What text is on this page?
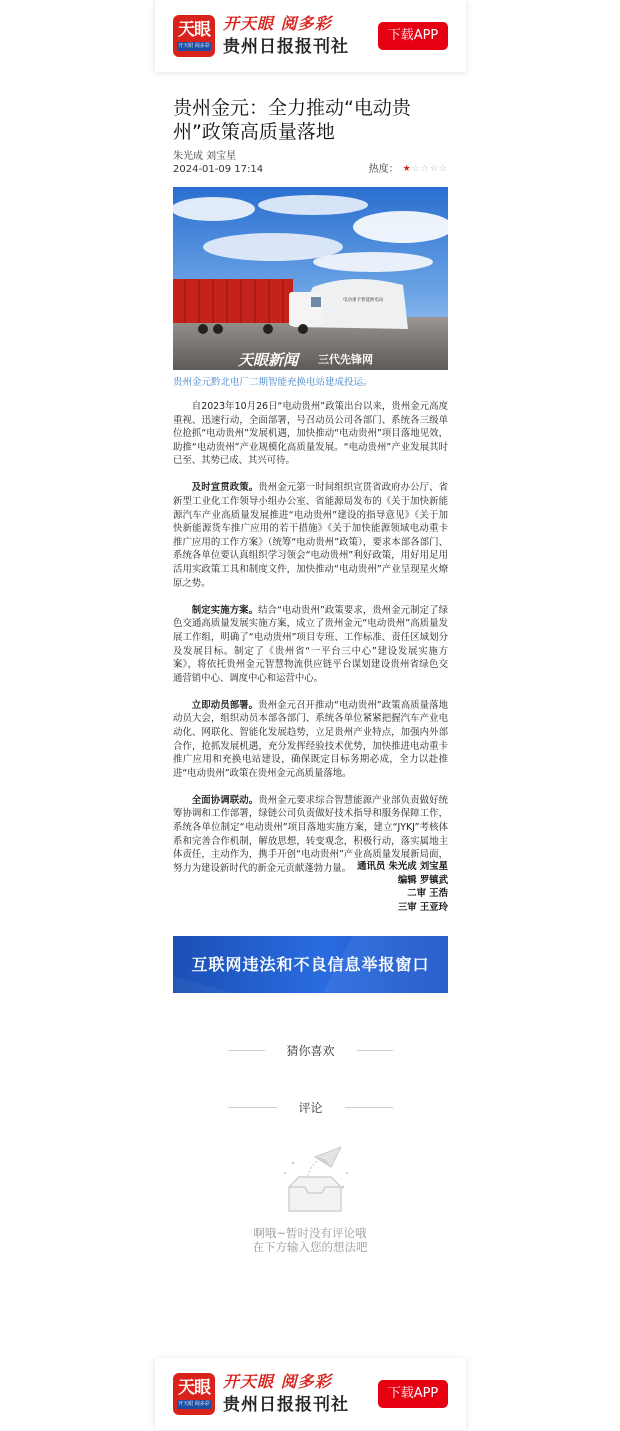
天眼
开天眼 阅多彩
开天眼 阅多彩
贵州日报报刊社
下载APP
贵州金元：全力推动“电动贵州”政策高质量落地
朱光成 刘宝星
2024-01-09 17:14	热度： ★☆☆☆☆
电动重卡智能换电站
天眼新闻 三代先锋网
贵州金元黔北电厂二期智能充换电站建成投运。

自2023年10月26日“电动贵州”政策出台以来，贵州金元高度重视、迅速行动，全面部署，号召动员公司各部门、系统各三级单位抢抓“电动贵州”发展机遇，加快推动“电动贵州”项目落地见效，助推“电动贵州”产业规模化高质量发展。“电动贵州”产业发展其时已至、其势已成、其兴可待。

及时宣贯政策。贵州金元第一时间组织宣贯省政府办公厅、省新型工业化工作领导小组办公室、省能源局发布的《关于加快新能源汽车产业高质量发展推进“电动贵州”建设的指导意见》《关于加快新能源货车推广应用的若干措施》《关于加快能源领域电动重卡推广应用的工作方案》（统筹“电动贵州”政策），要求本部各部门、系统各单位要认真组织学习领会“电动贵州”利好政策，用好用足用活用实政策工具和制度文件，加快推动“电动贵州”产业呈现星火燎原之势。

制定实施方案。结合“电动贵州”政策要求，贵州金元制定了绿色交通高质量发展实施方案，成立了贵州金元“电动贵州”高质量发展工作组，明确了“电动贵州”项目专班、工作标准、责任区域划分及发展目标。制定了《贵州省“一平台三中心”建设发展实施方案》，将依托贵州金元智慧物流供应链平台谋划建设贵州省绿色交通营销中心、调度中心和运营中心。

立即动员部署。贵州金元召开推动“电动贵州”政策高质量落地动员大会，组织动员本部各部门、系统各单位紧紧把握汽车产业电动化、网联化、智能化发展趋势，立足贵州产业特点，加强内外部合作，抢抓发展机遇，充分发挥经验技术优势，加快推进电动重卡推广应用和充换电站建设，确保既定目标务期必成，全力以赴推进“电动贵州”政策在贵州金元高质量落地。

全面协调联动。贵州金元要求综合智慧能源产业部负责做好统筹协调和工作部署，绿链公司负责做好技术指导和服务保障工作，系统各单位制定“电动贵州”项目落地实施方案，建立“JYKJ”考核体系和完善合作机制，解放思想，转变观念，积极行动，落实属地主体责任，主动作为，携手开创“电动贵州”产业高质量发展新局面，努力为建设新时代的新金元贡献蓬勃力量。 通讯员 朱光成 刘宝星
编辑 罗镇武
二审 王浩
三审 王亚玲
互联网违法和不良信息举报窗口
猜你喜欢
评论
啊哦~暂时没有评论哦
在下方输入您的想法吧
天眼
开天眼 阅多彩
开天眼 阅多彩
贵州日报报刊社
下载APP
